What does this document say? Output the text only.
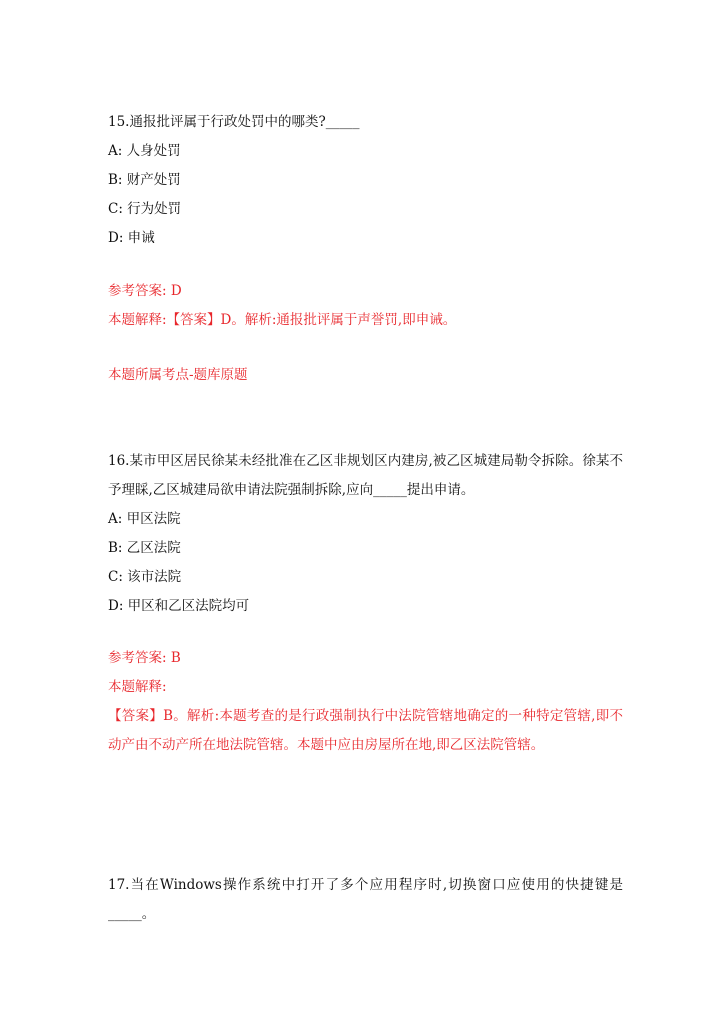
15.通报批评属于行政处罚中的哪类?_____
A: 人身处罚
B: 财产处罚
C: 行为处罚
D: 申诫
参考答案: D
本题解释:【答案】D。解析:通报批评属于声誉罚,即申诫。
本题所属考点-题库原题
16.某市甲区居民徐某未经批准在乙区非规划区内建房,被乙区城建局勒令拆除。徐某不予理睬,乙区城建局欲申请法院强制拆除,应向_____提出申请。
A: 甲区法院
B: 乙区法院
C: 该市法院
D: 甲区和乙区法院均可
参考答案: B
本题解释:
【答案】B。解析:本题考查的是行政强制执行中法院管辖地确定的一种特定管辖,即不动产由不动产所在地法院管辖。本题中应由房屋所在地,即乙区法院管辖。
17.当在Windows操作系统中打开了多个应用程序时,切换窗口应使用的快捷键是_____。
